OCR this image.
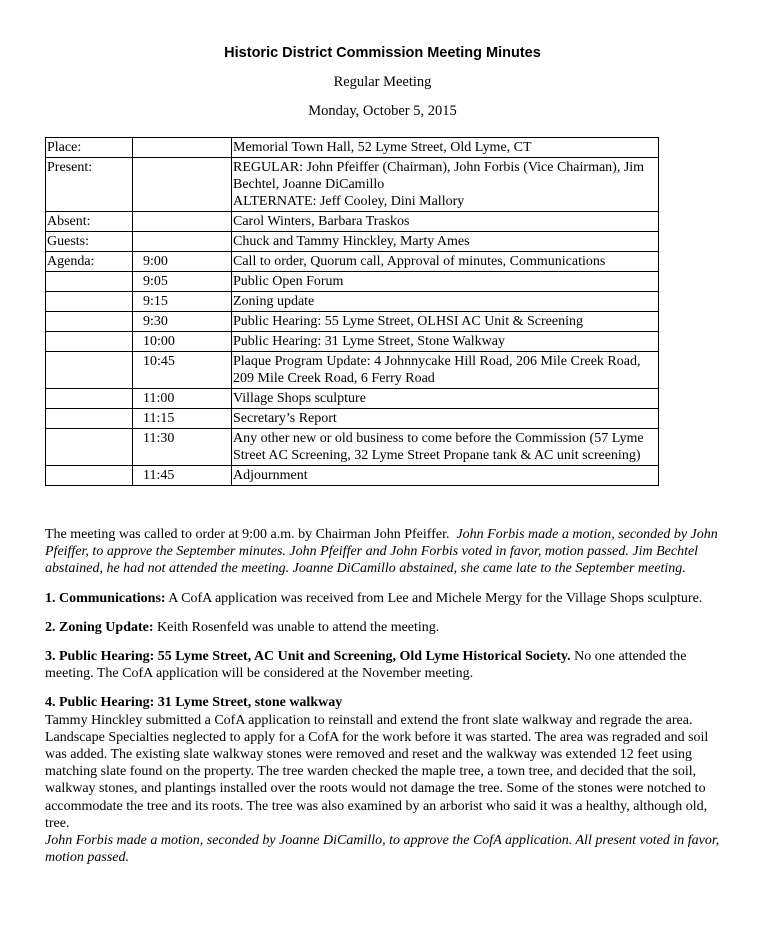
Historic District Commission Meeting Minutes
Regular Meeting
Monday, October 5, 2015
Place:		Memorial Town Hall, 52 Lyme Street, Old Lyme, CT
Present:		REGULAR: John Pfeiffer (Chairman), John Forbis (Vice Chairman), Jim Bechtel, Joanne DiCamillo
ALTERNATE: Jeff Cooley, Dini Mallory

Absent:		Carol Winters, Barbara Traskos
Guests:		Chuck and Tammy Hinckley, Marty Ames
Agenda:	9:00	Call to order, Quorum call, Approval of minutes, Communications
	9:05	Public Open Forum
	9:15	Zoning update
	9:30	Public Hearing: 55 Lyme Street, OLHSI AC Unit & Screening
	10:00	Public Hearing: 31 Lyme Street, Stone Walkway
	10:45	Plaque Program Update: 4 Johnnycake Hill Road, 206 Mile Creek Road, 209 Mile Creek Road, 6 Ferry Road
	11:00	Village Shops sculpture
	11:15	Secretary’s Report
	11:30	Any other new or old business to come before the Commission (57 Lyme Street AC Screening, 32 Lyme Street Propane tank & AC unit screening)
	11:45	Adjournment

The meeting was called to order at 9:00 a.m. by Chairman John Pfeiffer. John Forbis made a motion, seconded by John Pfeiffer, to approve the September minutes. John Pfeiffer and John Forbis voted in favor, motion passed. Jim Bechtel abstained, he had not attended the meeting. Joanne DiCamillo abstained, she came late to the September meeting.

1. Communications: A CofA application was received from Lee and Michele Mergy for the Village Shops sculpture.

2. Zoning Update: Keith Rosenfeld was unable to attend the meeting.

3. Public Hearing: 55 Lyme Street, AC Unit and Screening, Old Lyme Historical Society. No one attended the meeting. The CofA application will be considered at the November meeting.

4. Public Hearing: 31 Lyme Street, stone walkway

Tammy Hinckley submitted a CofA application to reinstall and extend the front slate walkway and regrade the area. Landscape Specialties neglected to apply for a CofA for the work before it was started. The area was regraded and soil was added. The existing slate walkway stones were removed and reset and the walkway was extended 12 feet using matching slate found on the property. The tree warden checked the maple tree, a town tree, and decided that the soil, walkway stones, and plantings installed over the roots would not damage the tree. Some of the stones were notched to accommodate the tree and its roots. The tree was also examined by an arborist who said it was a healthy, although old, tree.

John Forbis made a motion, seconded by Joanne DiCamillo, to approve the CofA application. All present voted in favor, motion passed.
